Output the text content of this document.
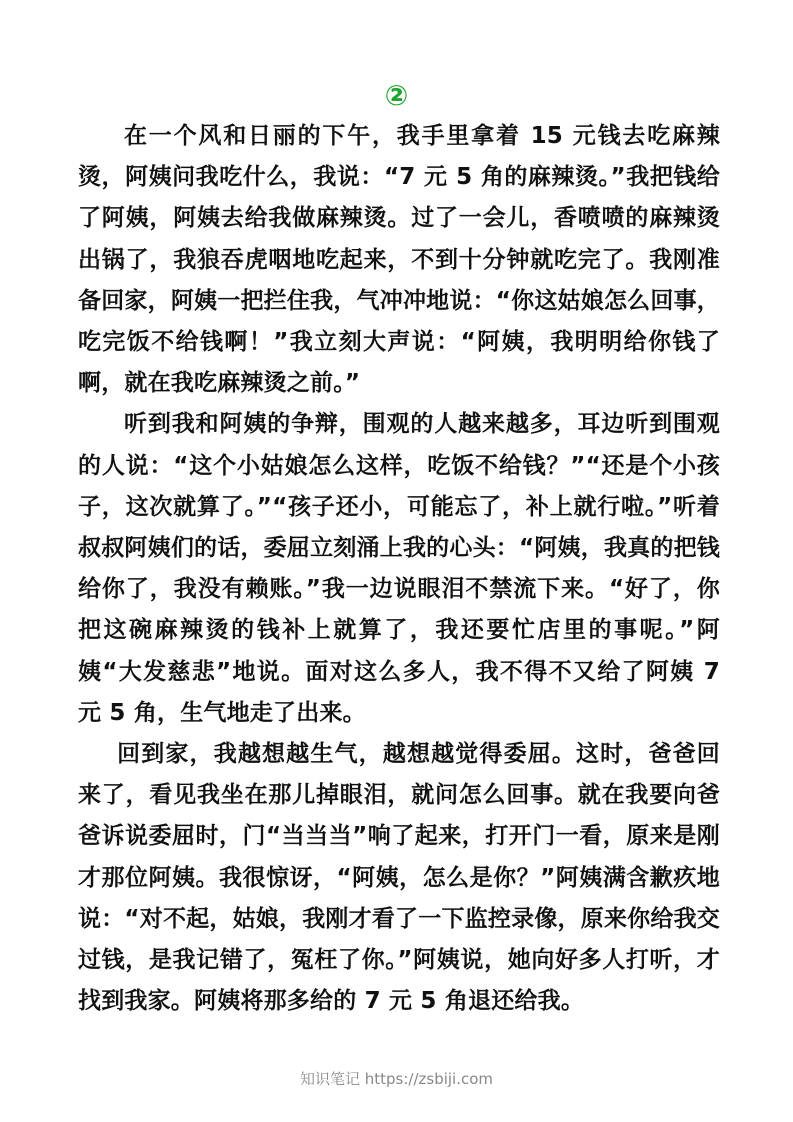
②

在一个风和日丽的下午，我手里拿着 15 元钱去吃麻辣烫，阿姨问我吃什么，我说：“7 元 5 角的麻辣烫。”我把钱给了阿姨，阿姨去给我做麻辣烫。过了一会儿，香喷喷的麻辣烫出锅了，我狼吞虎咽地吃起来，不到十分钟就吃完了。我刚准备回家，阿姨一把拦住我，气冲冲地说：“你这姑娘怎么回事，吃完饭不给钱啊！”我立刻大声说：“阿姨，我明明给你钱了啊，就在我吃麻辣烫之前。”

听到我和阿姨的争辩，围观的人越来越多，耳边听到围观的人说：“这个小姑娘怎么这样，吃饭不给钱？”“还是个小孩子，这次就算了。”“孩子还小，可能忘了，补上就行啦。”听着叔叔阿姨们的话，委屈立刻涌上我的心头：“阿姨，我真的把钱给你了，我没有赖账。”我一边说眼泪不禁流下来。“好了，你把这碗麻辣烫的钱补上就算了，我还要忙店里的事呢。”阿姨“大发慈悲”地说。面对这么多人，我不得不又给了阿姨 7 元 5 角，生气地走了出来。

回到家，我越想越生气，越想越觉得委屈。这时，爸爸回来了，看见我坐在那儿掉眼泪，就问怎么回事。就在我要向爸爸诉说委屈时，门“当当当”响了起来，打开门一看，原来是刚才那位阿姨。我很惊讶，“阿姨，怎么是你？”阿姨满含歉疚地说：“对不起，姑娘，我刚才看了一下监控录像，原来你给我交过钱，是我记错了，冤枉了你。”阿姨说，她向好多人打听，才找到我家。阿姨将那多给的 7 元 5 角退还给我。

知识笔记 https://zsbiji.com
